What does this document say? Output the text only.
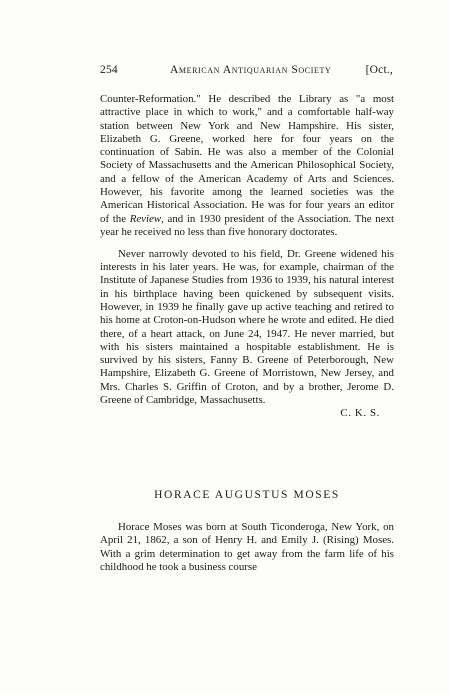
254	American Antiquarian Society	[Oct.,

Counter-Reformation." He described the Library as "a most attractive place in which to work," and a comfortable half-way station between New York and New Hampshire. His sister, Elizabeth G. Greene, worked here for four years on the continuation of Sabin. He was also a member of the Colonial Society of Massachusetts and the American Philosophical Society, and a fellow of the American Academy of Arts and Sciences. However, his favorite among the learned societies was the American Historical Association. He was for four years an editor of the Review, and in 1930 president of the Association. The next year he received no less than five honorary doctorates.

Never narrowly devoted to his field, Dr. Greene widened his interests in his later years. He was, for example, chairman of the Institute of Japanese Studies from 1936 to 1939, his natural interest in his birthplace having been quickened by subsequent visits. However, in 1939 he finally gave up active teaching and retired to his home at Croton-on-Hudson where he wrote and edited. He died there, of a heart attack, on June 24, 1947. He never married, but with his sisters maintained a hospitable establishment. He is survived by his sisters, Fanny B. Greene of Peterborough, New Hampshire, Elizabeth G. Greene of Morristown, New Jersey, and Mrs. Charles S. Griffin of Croton, and by a brother, Jerome D. Greene of Cambridge, Massachusetts.

C. K. S.

HORACE AUGUSTUS MOSES

Horace Moses was born at South Ticonderoga, New York, on April 21, 1862, a son of Henry H. and Emily J. (Rising) Moses. With a grim determination to get away from the farm life of his childhood he took a business course
